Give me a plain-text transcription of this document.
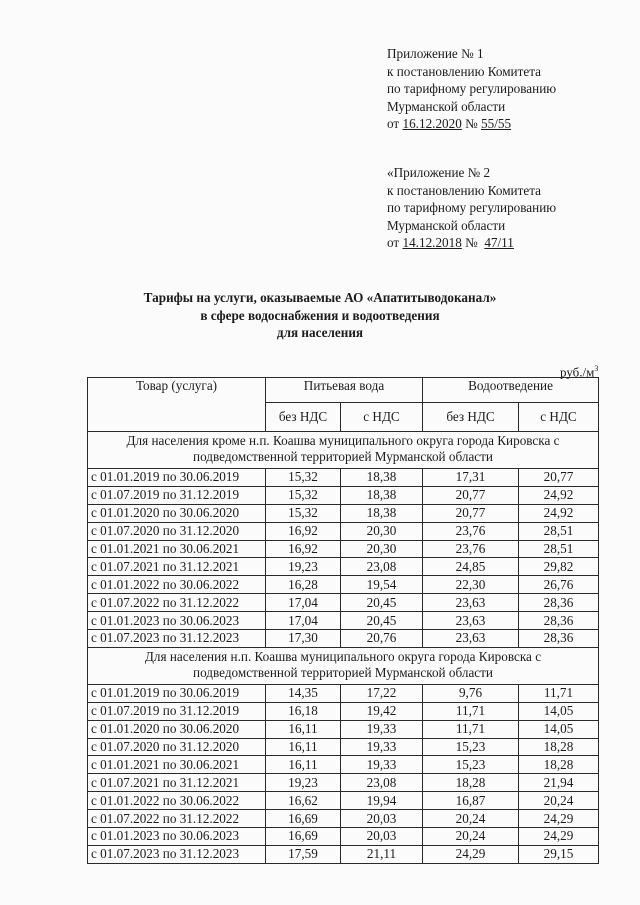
Приложение № 1
к постановлению Комитета
по тарифному регулированию
Мурманской области
от 16.12.2020 № 55/55
«Приложение № 2
к постановлению Комитета
по тарифному регулированию
Мурманской области
от 14.12.2018 №  47/11
Тарифы на услуги, оказываемые АО «Апатитыводоканал»
в сфере водоснабжения и водоотведения
для населения
$руб./м^3$
Товар (услуга)	Питьевая вода		Водоотведение	
	без НДС	с НДС	без НДС	с НДС
Для населения кроме н.п. Коашва муниципального округа города Кировска с подведомственной территорией Мурманской области				
с 01.01.2019 по 30.06.2019	15,32	18,38	17,31	20,77
с 01.07.2019 по 31.12.2019	15,32	18,38	20,77	24,92
с 01.01.2020 по 30.06.2020	15,32	18,38	20,77	24,92
с 01.07.2020 по 31.12.2020	16,92	20,30	23,76	28,51
с 01.01.2021 по 30.06.2021	16,92	20,30	23,76	28,51
с 01.07.2021 по 31.12.2021	19,23	23,08	24,85	29,82
с 01.01.2022 по 30.06.2022	16,28	19,54	22,30	26,76
с 01.07.2022 по 31.12.2022	17,04	20,45	23,63	28,36
с 01.01.2023 по 30.06.2023	17,04	20,45	23,63	28,36
с 01.07.2023 по 31.12.2023	17,30	20,76	23,63	28,36
Для населения н.п. Коашва муниципального округа города Кировска с подведомственной территорией Мурманской области				
с 01.01.2019 по 30.06.2019	14,35	17,22	9,76	11,71
с 01.07.2019 по 31.12.2019	16,18	19,42	11,71	14,05
с 01.01.2020 по 30.06.2020	16,11	19,33	11,71	14,05
с 01.07.2020 по 31.12.2020	16,11	19,33	15,23	18,28
с 01.01.2021 по 30.06.2021	16,11	19,33	15,23	18,28
с 01.07.2021 по 31.12.2021	19,23	23,08	18,28	21,94
с 01.01.2022 по 30.06.2022	16,62	19,94	16,87	20,24
с 01.07.2022 по 31.12.2022	16,69	20,03	20,24	24,29
с 01.01.2023 по 30.06.2023	16,69	20,03	20,24	24,29
с 01.07.2023 по 31.12.2023	17,59	21,11	24,29	29,15
